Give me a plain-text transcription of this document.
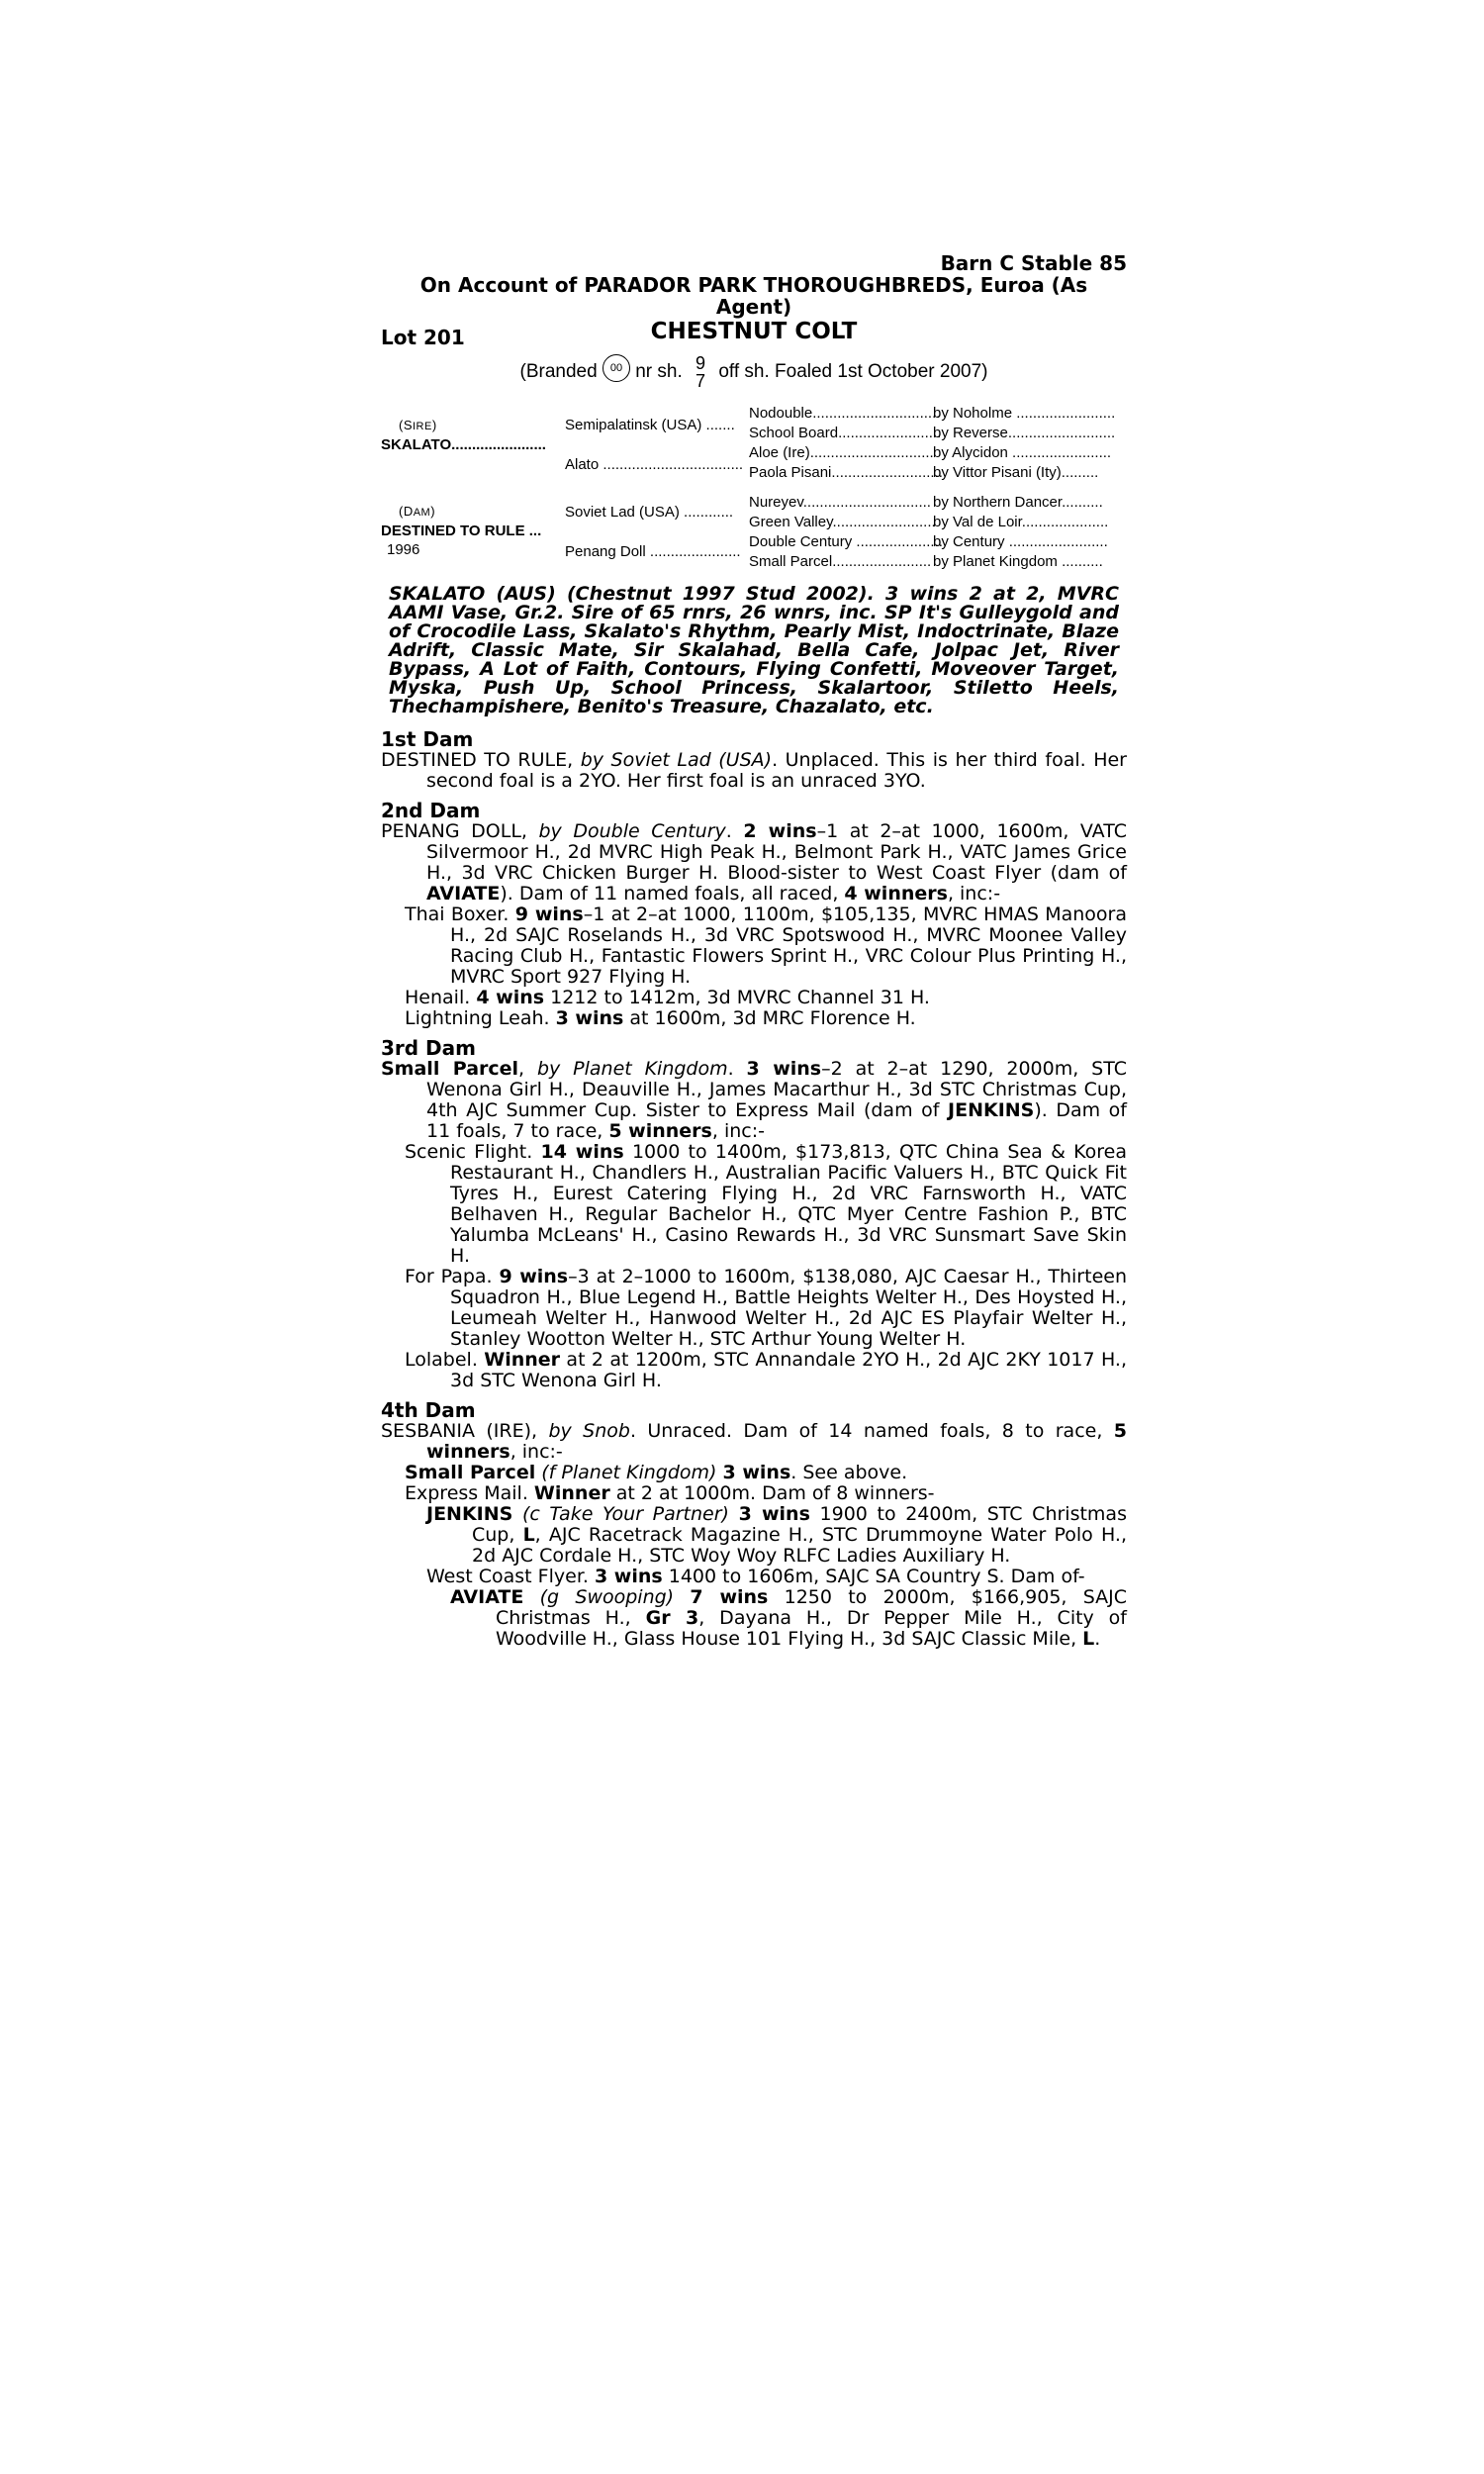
Barn C Stable 85
On Account of PARADOR PARK THOROUGHBREDS, Euroa (As Agent)
Lot 201	CHESTNUT COLT
(Branded 00 nr sh. 9
7 off sh. Foaled 1st October 2007)
(SIRE)
SKALATO.......................
(DAM)
DESTINED TO RULE ...
1996
Semipalatinsk (USA) .......
Alato ..................................
Soviet Lad (USA) ............
Penang Doll ......................
Nodouble...............................
School Board.........................
Aloe (Ire)..............................
Paola Pisani...........................
Nureyev...............................
Green Valley.........................
Double Century .....................
Small Parcel........................
by Noholme ........................
by Reverse..........................
by Alycidon ........................
by Vittor Pisani (Ity).........
by Northern Dancer..........
by Val de Loir.....................
by Century ........................
by Planet Kingdom ..........
SKALATO (AUS) (Chestnut 1997 Stud 2002). 3 wins 2 at 2, MVRC AAMI Vase, Gr.2. Sire of 65 rnrs, 26 wnrs, inc. SP It's Gulleygold and of Crocodile Lass, Skalato's Rhythm, Pearly Mist, Indoctrinate, Blaze Adrift, Classic Mate, Sir Skalahad, Bella Cafe, Jolpac Jet, River Bypass, A Lot of Faith, Contours, Flying Confetti, Moveover Target, Myska, Push Up, School Princess, Skalartoor, Stiletto Heels, Thechampishere, Benito's Treasure, Chazalato, etc.
1st Dam
DESTINED TO RULE, by Soviet Lad (USA). Unplaced. This is her third foal. Her second foal is a 2YO. Her first foal is an unraced 3YO.
2nd Dam
PENANG DOLL, by Double Century. 2 wins–1 at 2–at 1000, 1600m, VATC Silvermoor H., 2d MVRC High Peak H., Belmont Park H., VATC James Grice H., 3d VRC Chicken Burger H. Blood-sister to West Coast Flyer (dam of AVIATE). Dam of 11 named foals, all raced, 4 winners, inc:-
Thai Boxer. 9 wins–1 at 2–at 1000, 1100m, $105,135, MVRC HMAS Manoora H., 2d SAJC Roselands H., 3d VRC Spotswood H., MVRC Moonee Valley Racing Club H., Fantastic Flowers Sprint H., VRC Colour Plus Printing H., MVRC Sport 927 Flying H.
Henail. 4 wins 1212 to 1412m, 3d MVRC Channel 31 H.
Lightning Leah. 3 wins at 1600m, 3d MRC Florence H.
3rd Dam
Small Parcel, by Planet Kingdom. 3 wins–2 at 2–at 1290, 2000m, STC Wenona Girl H., Deauville H., James Macarthur H., 3d STC Christmas Cup, 4th AJC Summer Cup. Sister to Express Mail (dam of JENKINS). Dam of 11 foals, 7 to race, 5 winners, inc:-
Scenic Flight. 14 wins 1000 to 1400m, $173,813, QTC China Sea & Korea Restaurant H., Chandlers H., Australian Pacific Valuers H., BTC Quick Fit Tyres H., Eurest Catering Flying H., 2d VRC Farnsworth H., VATC Belhaven H., Regular Bachelor H., QTC Myer Centre Fashion P., BTC Yalumba McLeans' H., Casino Rewards H., 3d VRC Sunsmart Save Skin H.
For Papa. 9 wins–3 at 2–1000 to 1600m, $138,080, AJC Caesar H., Thirteen Squadron H., Blue Legend H., Battle Heights Welter H., Des Hoysted H., Leumeah Welter H., Hanwood Welter H., 2d AJC ES Playfair Welter H., Stanley Wootton Welter H., STC Arthur Young Welter H.
Lolabel. Winner at 2 at 1200m, STC Annandale 2YO H., 2d AJC 2KY 1017 H., 3d STC Wenona Girl H.
4th Dam
SESBANIA (IRE), by Snob. Unraced. Dam of 14 named foals, 8 to race, 5 winners, inc:-
Small Parcel (f Planet Kingdom) 3 wins. See above.
Express Mail. Winner at 2 at 1000m. Dam of 8 winners-
JENKINS (c Take Your Partner) 3 wins 1900 to 2400m, STC Christmas Cup, L, AJC Racetrack Magazine H., STC Drummoyne Water Polo H., 2d AJC Cordale H., STC Woy Woy RLFC Ladies Auxiliary H.
West Coast Flyer. 3 wins 1400 to 1606m, SAJC SA Country S. Dam of-
AVIATE (g Swooping) 7 wins 1250 to 2000m, $166,905, SAJC Christmas H., Gr 3, Dayana H., Dr Pepper Mile H., City of Woodville H., Glass House 101 Flying H., 3d SAJC Classic Mile, L.
